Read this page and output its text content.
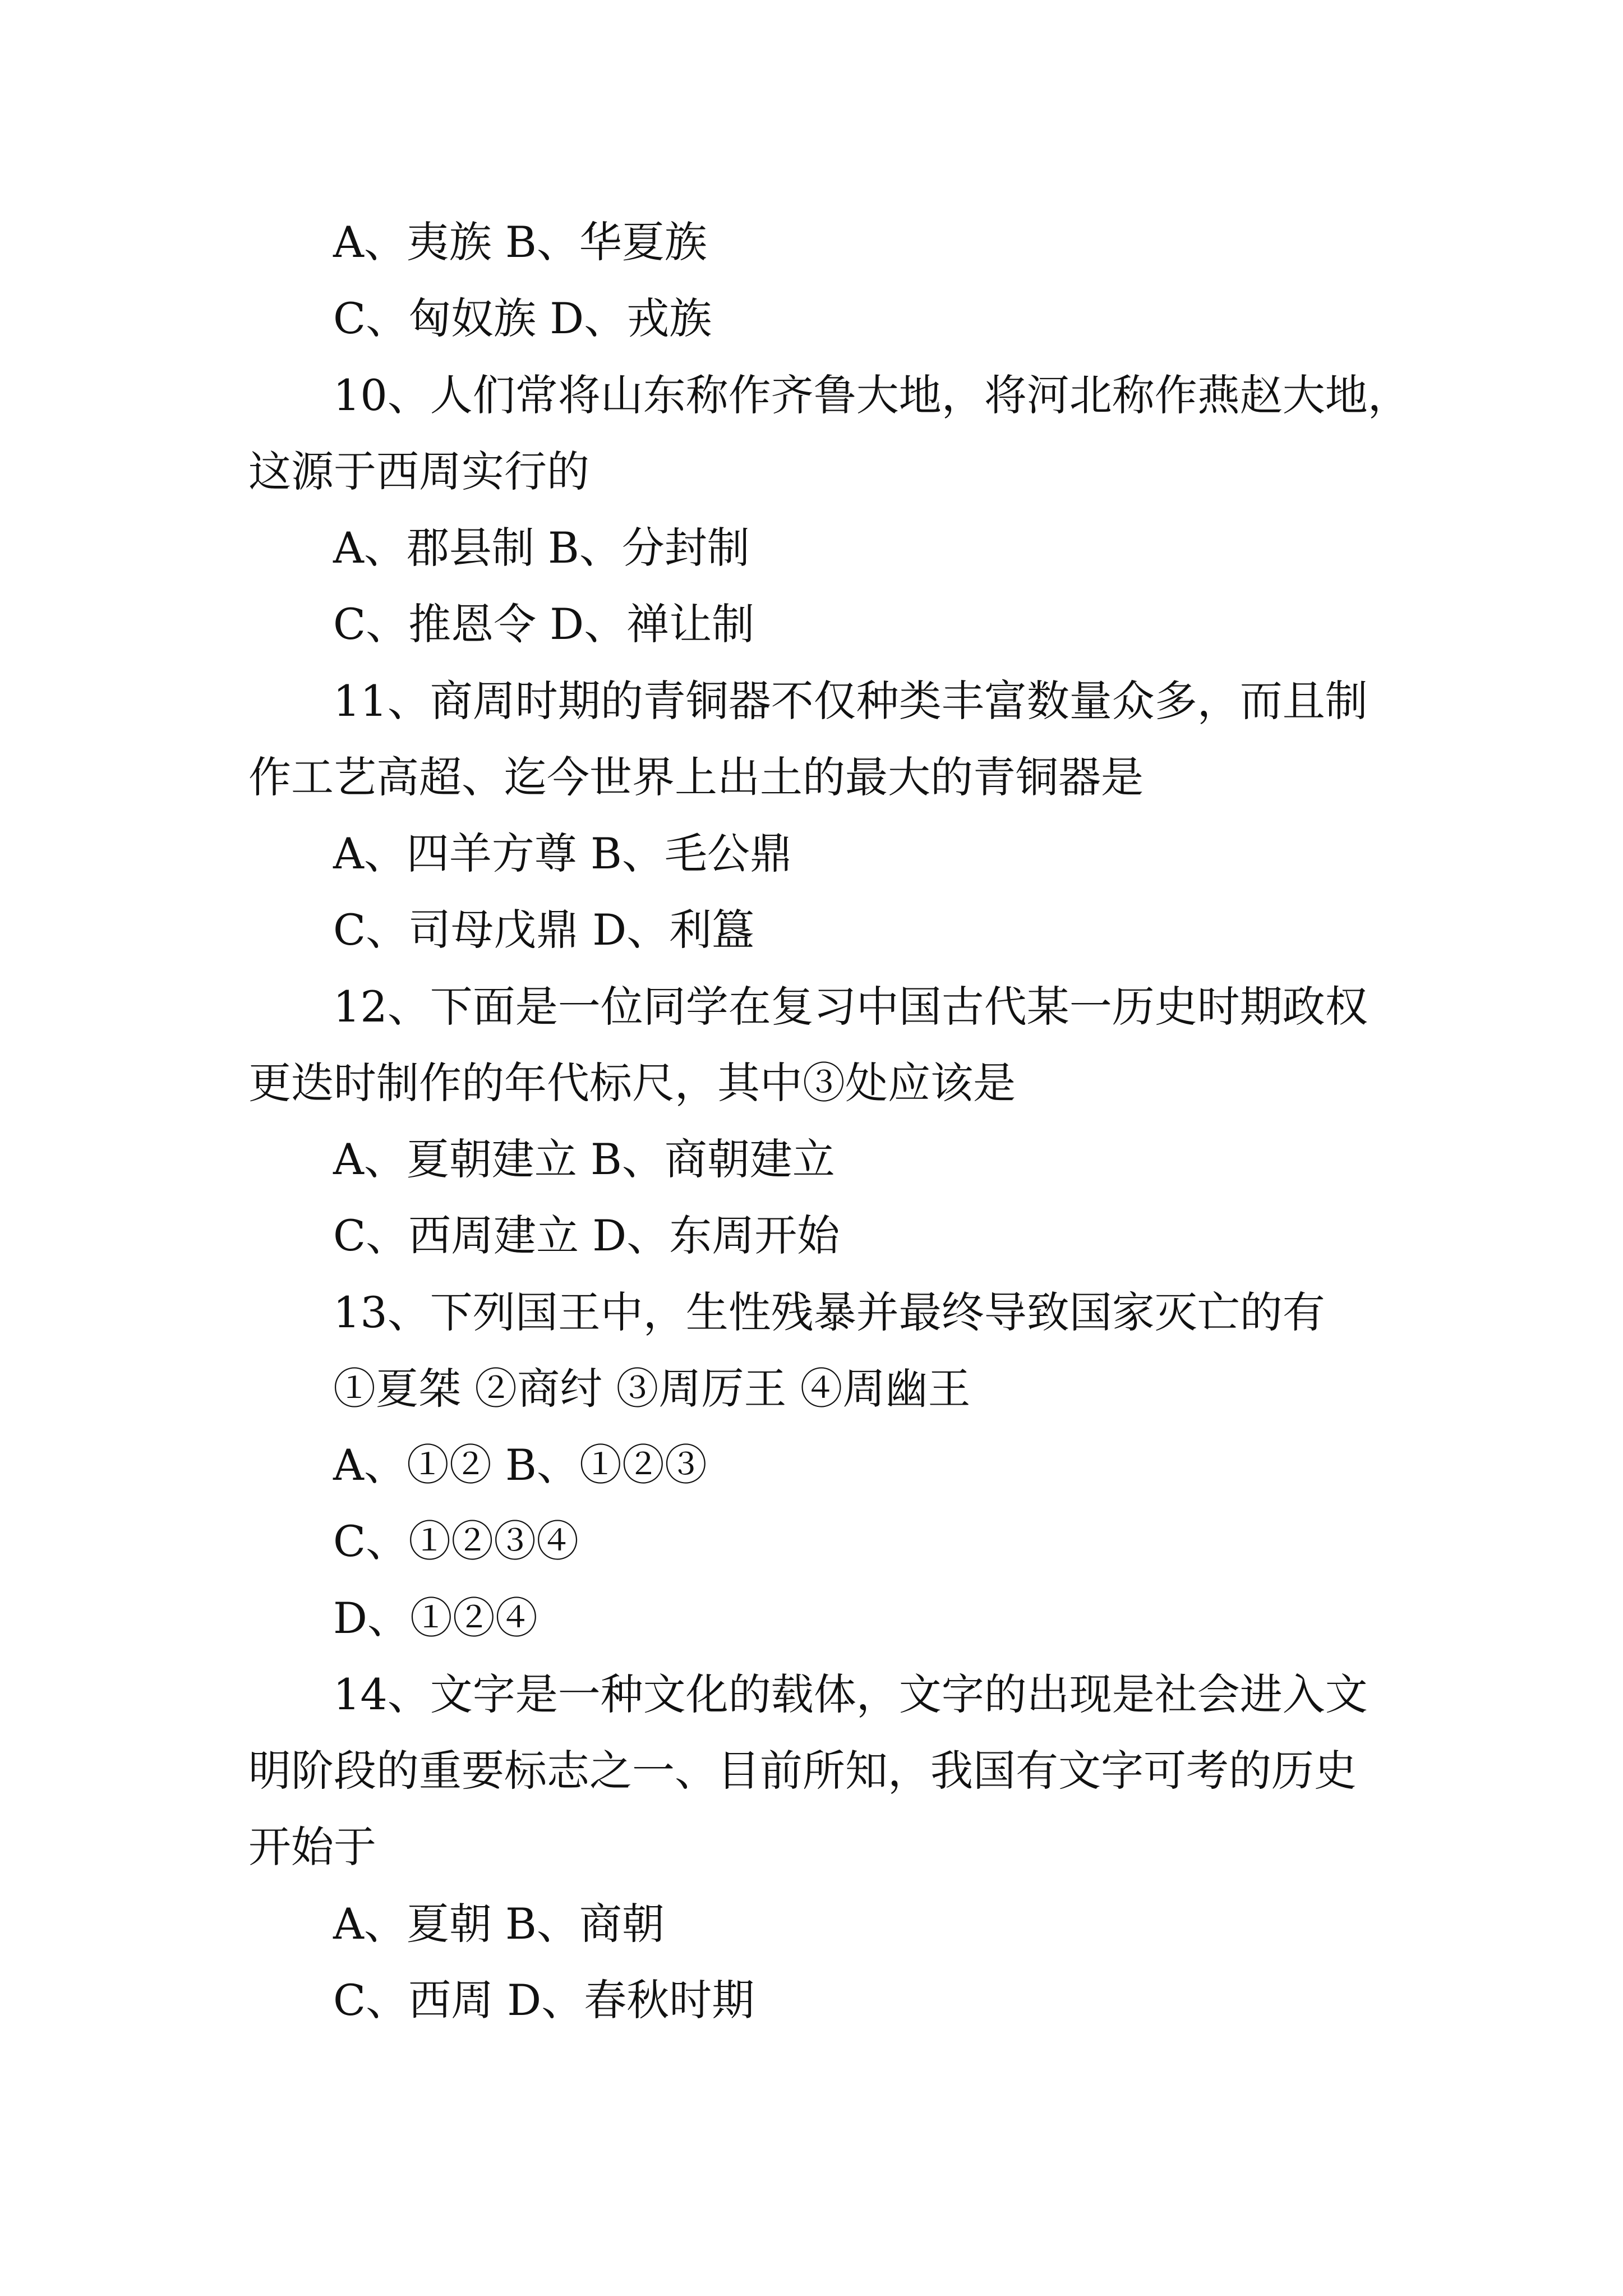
A、夷族 B、华夏族
C、匈奴族 D、戎族
10、人们常将山东称作齐鲁大地，将河北称作燕赵大地，
这源于西周实行的
A、郡县制 B、分封制
C、推恩令 D、禅让制
11、商周时期的青铜器不仅种类丰富数量众多，而且制
作工艺高超、迄今世界上出土的最大的青铜器是
A、四羊方尊 B、毛公鼎
C、司母戊鼎 D、利簋
12、下面是一位同学在复习中国古代某一历史时期政权
更迭时制作的年代标尺，其中③处应该是
A、夏朝建立 B、商朝建立
C、西周建立 D、东周开始
13、下列国王中，生性残暴并最终导致国家灭亡的有
①夏桀 ②商纣 ③周厉王 ④周幽王
A、①② B、①②③
C、①②③④
D、①②④
14、文字是一种文化的载体，文字的出现是社会进入文
明阶段的重要标志之一、目前所知，我国有文字可考的历史
开始于
A、夏朝 B、商朝
C、西周 D、春秋时期
